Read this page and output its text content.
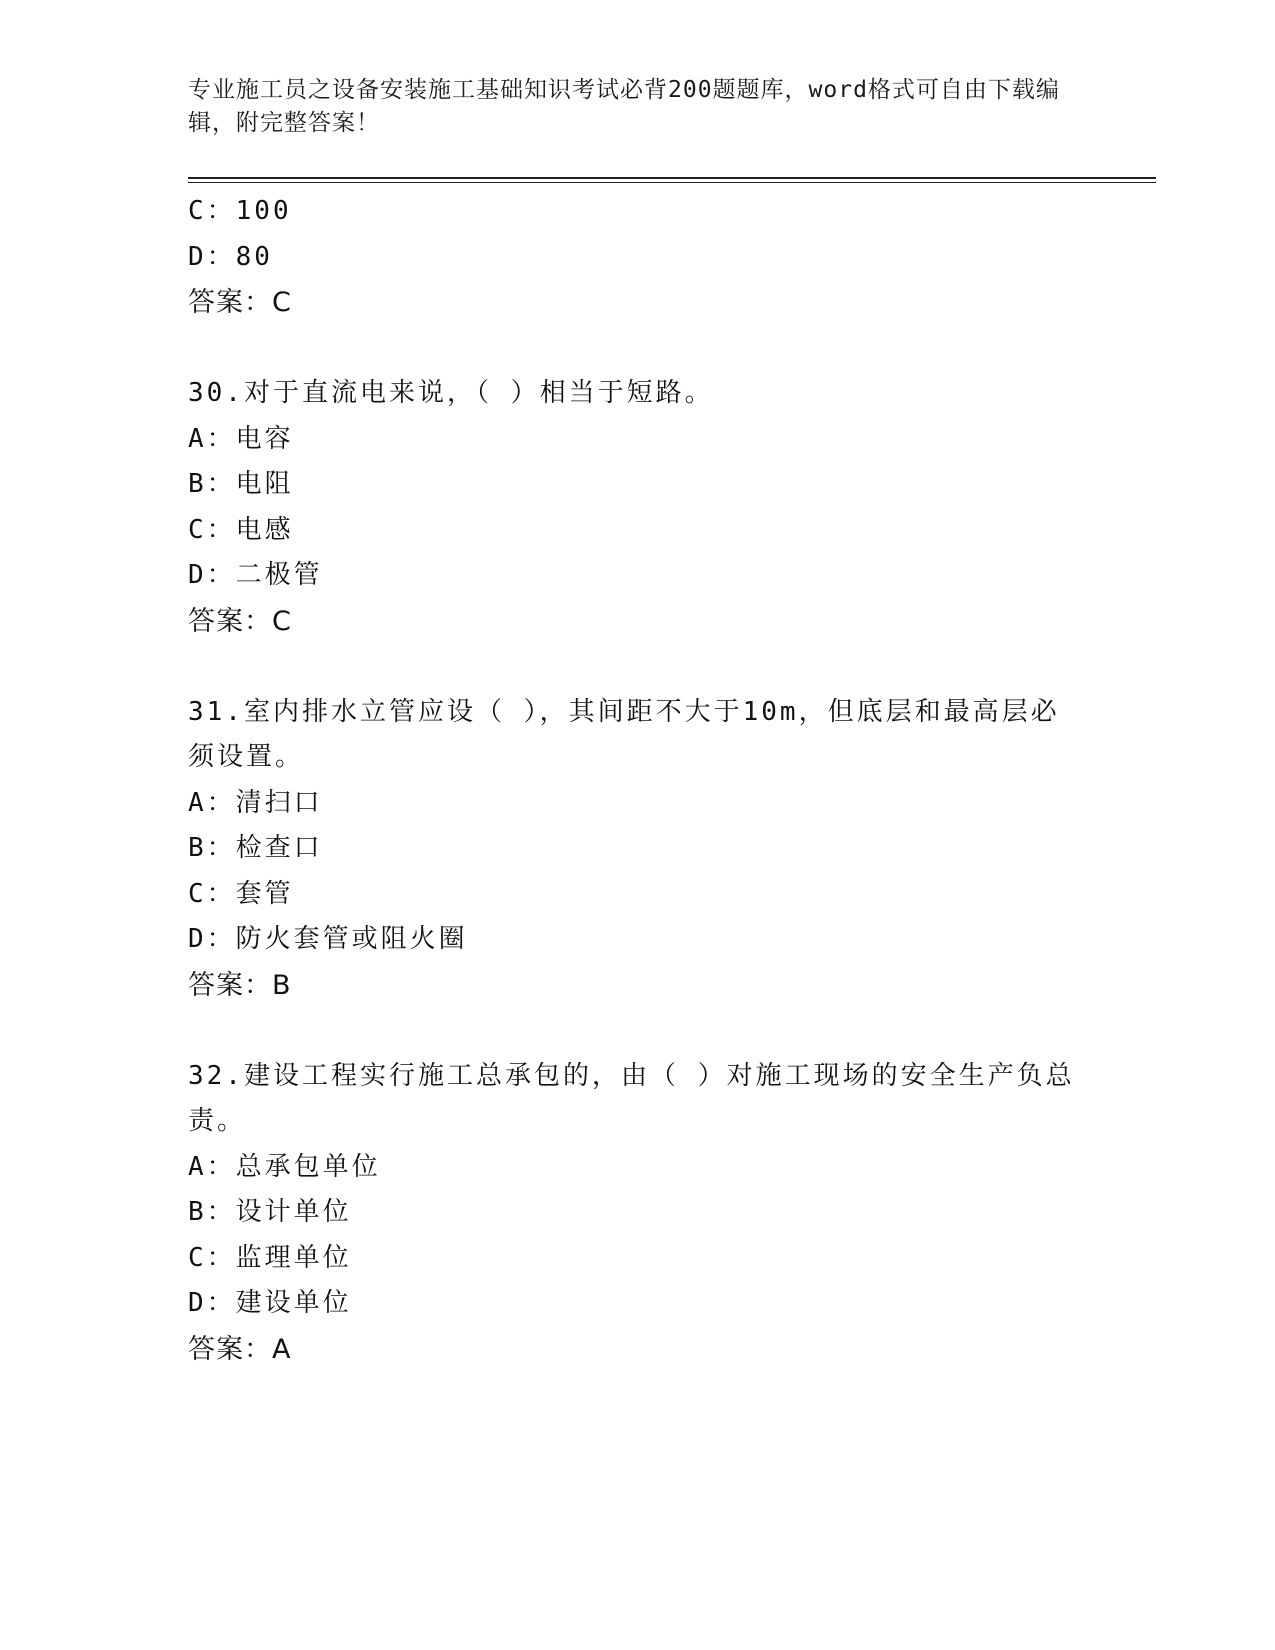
专业施工员之设备安装施工基础知识考试必背200题题库，word格式可自由下载编辑，附完整答案！
C：100
D：80
答案：C
30.对于直流电来说，（ ）相当于短路。
A：电容
B：电阻
C：电感
D：二极管
答案：C
31.室内排水立管应设（ ），其间距不大于10m，但底层和最高层必须设置。
A：清扫口
B：检查口
C：套管
D：防火套管或阻火圈
答案：B
32.建设工程实行施工总承包的，由（ ）对施工现场的安全生产负总责。
A：总承包单位
B：设计单位
C：监理单位
D：建设单位
答案：A
